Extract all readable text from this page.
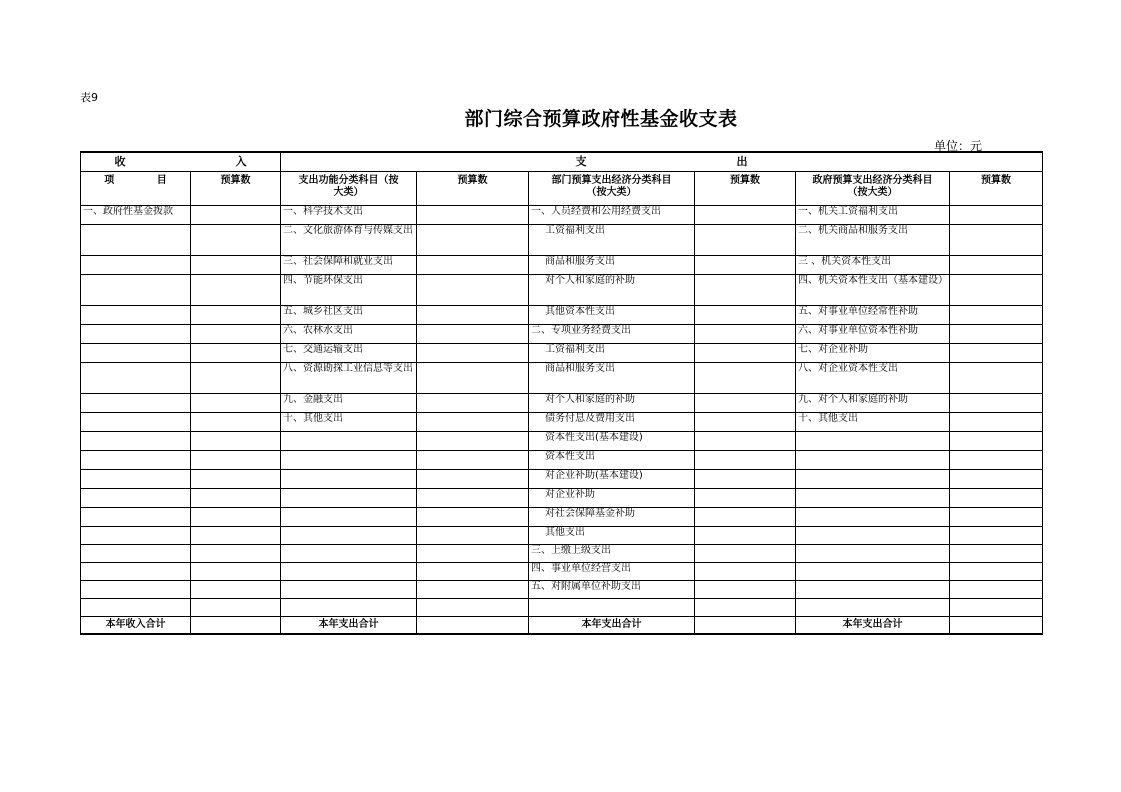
表9
部门综合预算政府性基金收支表
单位：元
收 入		支 出					

项 目	预算数	支出功能分类科目（按大类）	预算数	部门预算支出经济分类科目（按大类）	预算数	政府预算支出经济分类科目（按大类）	预算数
一、政府性基金拨款		一、科学技术支出		一、人员经费和公用经费支出		一、机关工资福利支出	
		二、文化旅游体育与传媒支出		工资福利支出		二、机关商品和服务支出	
		三、社会保障和就业支出		商品和服务支出		三 、机关资本性支出	
		四、节能环保支出		对个人和家庭的补助		四、机关资本性支出（基本建设）	
		五、城乡社区支出		其他资本性支出		五、对事业单位经常性补助	
		六、农林水支出		二、专项业务经费支出		六、对事业单位资本性补助	
		七、交通运输支出		工资福利支出		七、对企业补助	
		八、资源勘探工业信息等支出		商品和服务支出		八、对企业资本性支出	
		九、金融支出		对个人和家庭的补助		九、对个人和家庭的补助	
		十、其他支出		债务付息及费用支出		十、其他支出	
				资本性支出(基本建设)			
				资本性支出			
				对企业补助(基本建设)			
				对企业补助			
				对社会保障基金补助			
				其他支出			
				三、上缴上级支出			
				四、事业单位经营支出			
				五、对附属单位补助支出			

本年收入合计		本年支出合计		本年支出合计		本年支出合计	
